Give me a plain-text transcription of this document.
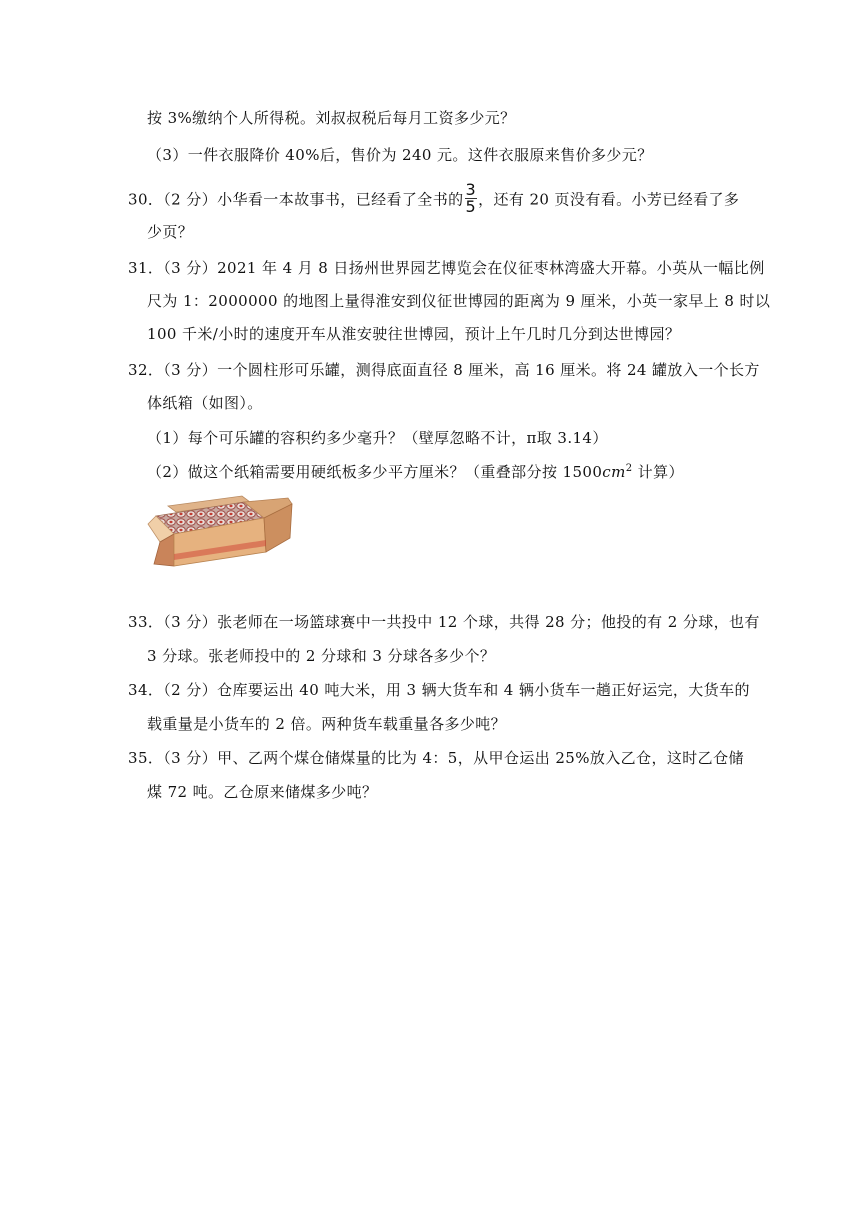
按 3%缴纳个人所得税。刘叔叔税后每月工资多少元？
（3）一件衣服降价 40%后，售价为 240 元。这件衣服原来售价多少元？
30．（2 分）小华看一本故事书，已经看了全书的 $\frac{3}{5}$ ，还有 20 页没有看。小芳已经看了多
少页？
31．（3 分）2021 年 4 月 8 日扬州世界园艺博览会在仪征枣林湾盛大开幕。小英从一幅比例
尺为 1：2000000 的地图上量得淮安到仪征世博园的距离为 9 厘米，小英一家早上 8 时以
100 千米/小时的速度开车从淮安驶往世博园，预计上午几时几分到达世博园？
32．（3 分）一个圆柱形可乐罐，测得底面直径 8 厘米，高 16 厘米。将 24 罐放入一个长方
体纸箱（如图）。
（1）每个可乐罐的容积约多少毫升？（壁厚忽略不计，π取 3.14）
（2）做这个纸箱需要用硬纸板多少平方厘米？（重叠部分按 $1500cm^2$ 计算）
33．（3 分）张老师在一场篮球赛中一共投中 12 个球，共得 28 分；他投的有 2 分球，也有
3 分球。张老师投中的 2 分球和 3 分球各多少个？
34．（2 分）仓库要运出 40 吨大米，用 3 辆大货车和 4 辆小货车一趟正好运完，大货车的
载重量是小货车的 2 倍。两种货车载重量各多少吨？
35．（3 分）甲、乙两个煤仓储煤量的比为 4：5，从甲仓运出 25%放入乙仓，这时乙仓储
煤 72 吨。乙仓原来储煤多少吨？
